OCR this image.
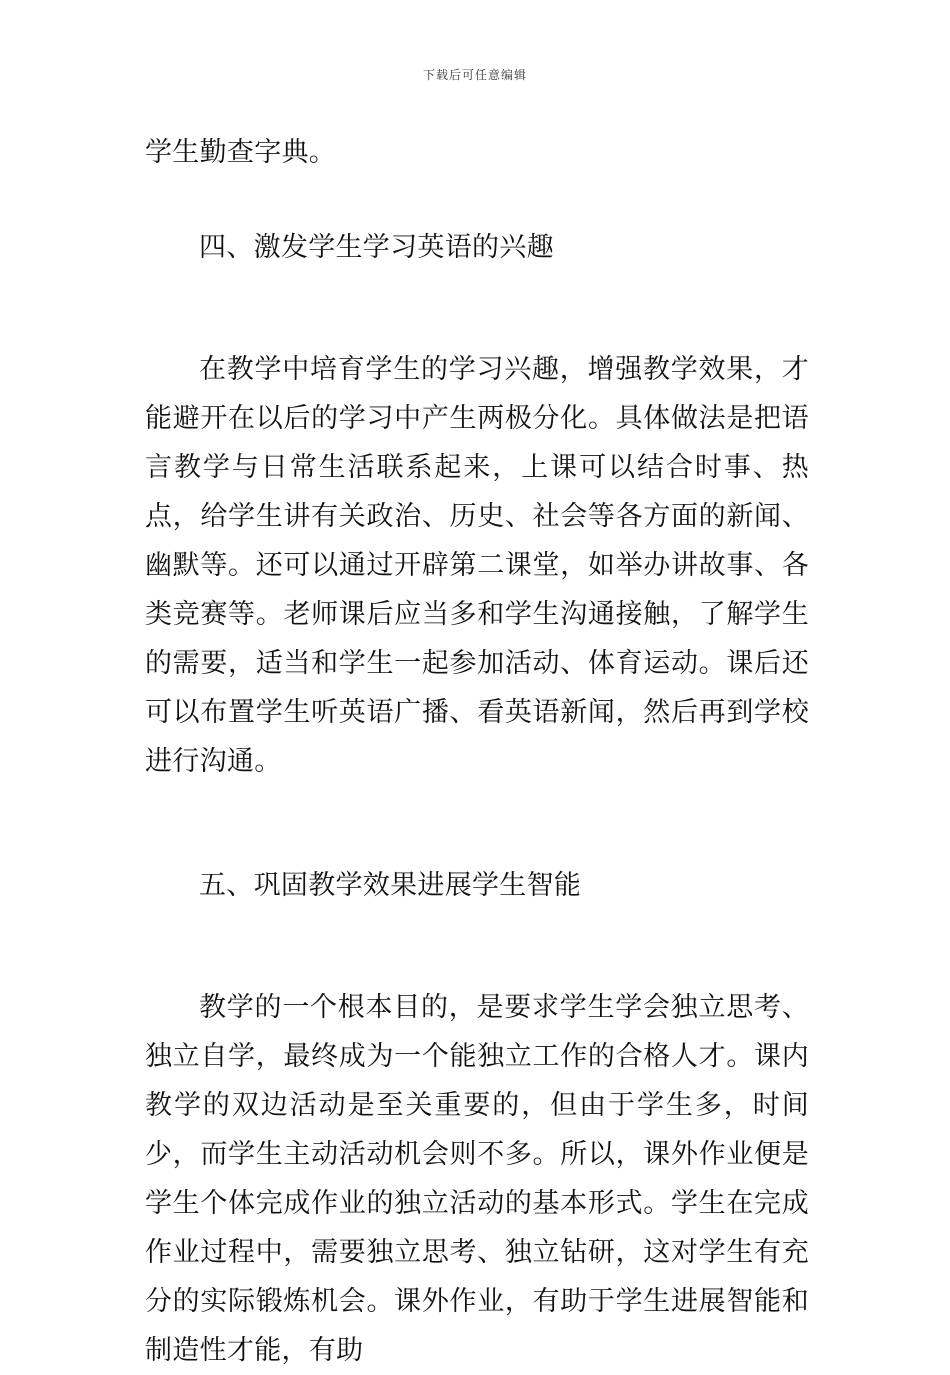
下载后可任意编辑

学生勤查字典。

四、激发学生学习英语的兴趣

在教学中培育学生的学习兴趣，增强教学效果，才能避开在以后的学习中产生两极分化。具体做法是把语言教学与日常生活联系起来，上课可以结合时事、热点，给学生讲有关政治、历史、社会等各方面的新闻、幽默等。还可以通过开辟第二课堂，如举办讲故事、各类竞赛等。老师课后应当多和学生沟通接触，了解学生的需要，适当和学生一起参加活动、体育运动。课后还可以布置学生听英语广播、看英语新闻，然后再到学校进行沟通。

五、巩固教学效果进展学生智能

教学的一个根本目的，是要求学生学会独立思考、独立自学，最终成为一个能独立工作的合格人才。课内教学的双边活动是至关重要的，但由于学生多，时间少，而学生主动活动机会则不多。所以，课外作业便是学生个体完成作业的独立活动的基本形式。学生在完成作业过程中，需要独立思考、独立钻研，这对学生有充分的实际锻炼机会。课外作业，有助于学生进展智能和制造性才能，有助
